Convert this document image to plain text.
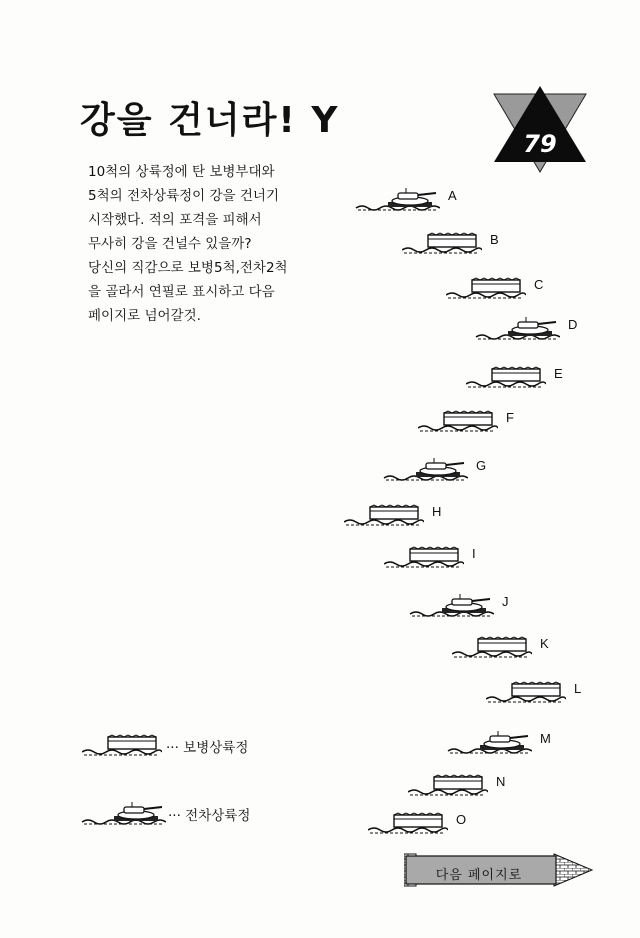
강을 건너라! Y
79

10척의 상륙정에 탄 보병부대와
5척의 전차상륙정이 강을 건너기
시작했다. 적의 포격을 피해서
무사히 강을 건널수 있을까?
당신의 직감으로 보병5척,전차2척
을 골라서 연필로 표시하고 다음
페이지로 넘어갈것.

A
B
C
D
E
F
G
H
I
J
K
L
M
N
O
··· 보병상륙정
··· 전차상륙정
다음 페이지로
